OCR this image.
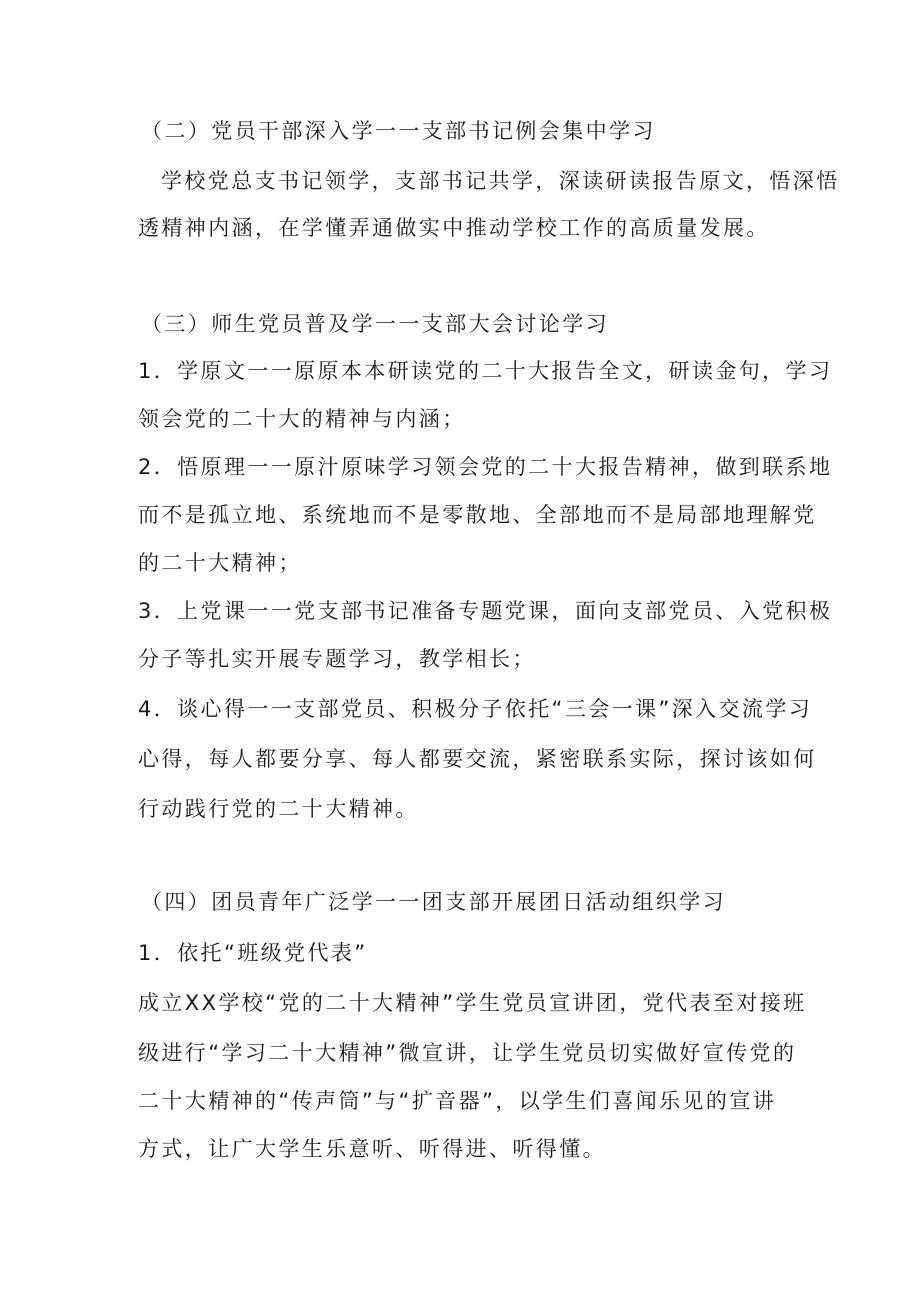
（二）党员干部深入学一一支部书记例会集中学习
学校党总支书记领学，支部书记共学，深读研读报告原文，悟深悟
透精神内涵，在学懂弄通做实中推动学校工作的高质量发展。
（三）师生党员普及学一一支部大会讨论学习
1．学原文一一原原本本研读党的二十大报告全文，研读金句，学习
领会党的二十大的精神与内涵；
2．悟原理一一原汁原味学习领会党的二十大报告精神，做到联系地
而不是孤立地、系统地而不是零散地、全部地而不是局部地理解党
的二十大精神；
3．上党课一一党支部书记准备专题党课，面向支部党员、入党积极
分子等扎实开展专题学习，教学相长；
4．谈心得一一支部党员、积极分子依托“三会一课”深入交流学习
心得，每人都要分享、每人都要交流，紧密联系实际，探讨该如何
行动践行党的二十大精神。
（四）团员青年广泛学一一团支部开展团日活动组织学习
1．依托“班级党代表”
成立XX学校“党的二十大精神”学生党员宣讲团，党代表至对接班
级进行“学习二十大精神”微宣讲，让学生党员切实做好宣传党的
二十大精神的“传声筒”与“扩音器”，以学生们喜闻乐见的宣讲
方式，让广大学生乐意听、听得进、听得懂。
